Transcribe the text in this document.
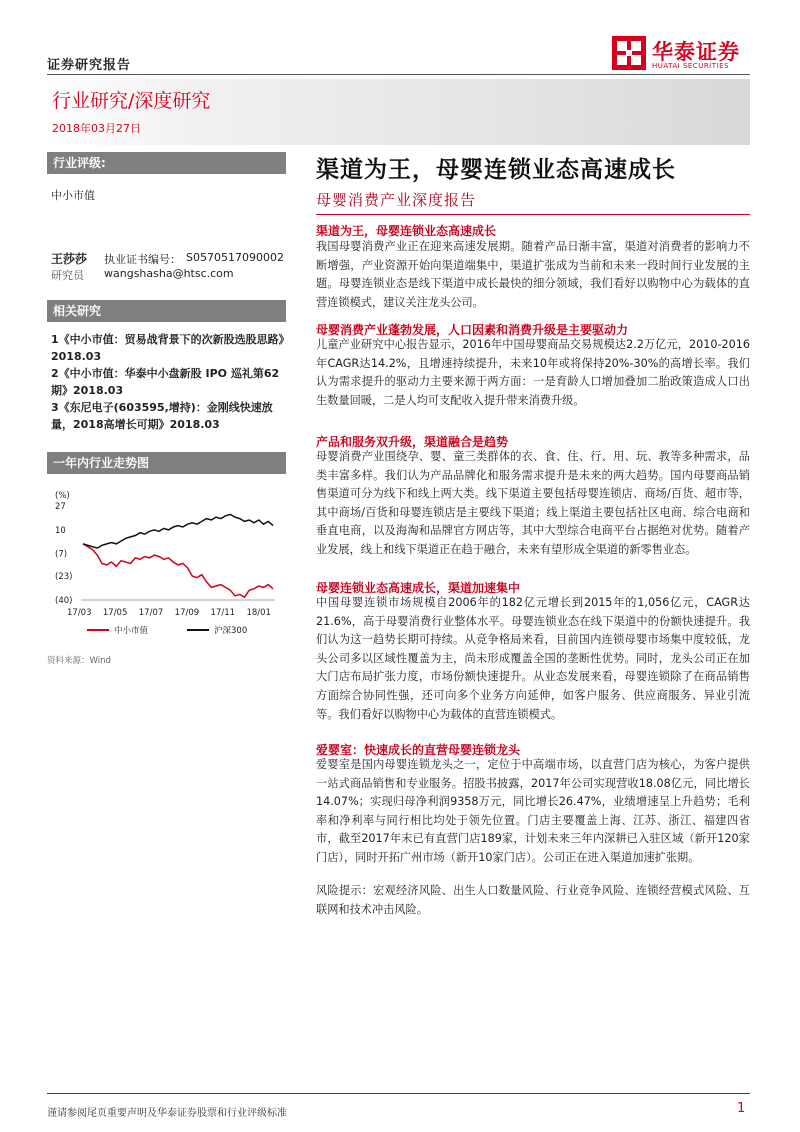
证券研究报告
华泰证券
HUATAI SECURITIES
行业研究/深度研究
2018年03月27日
行业评级:
中小市值
王莎莎 执业证书编号： S0570517090002
研究员 wangshasha@htsc.com
相关研究
1《中小市值：贸易战背景下的次新股选股思路》2018.03
2《中小市值：华泰中小盘新股 IPO 巡礼第62期》2018.03
3《东尼电子(603595,增持)：金刚线快速放量，2018高增长可期》2018.03
一年内行业走势图
(%)
27
10
(7)
(23)
(40)
17/03 17/05 17/07 17/09 17/11 18/01
中小市值	沪深300
资料来源：Wind
渠道为王，母婴连锁业态高速成长
母婴消费产业深度报告
渠道为王，母婴连锁业态高速成长
我国母婴消费产业正在迎来高速发展期。随着产品日渐丰富，渠道对消费者的影响力不断增强，产业资源开始向渠道端集中，渠道扩张成为当前和未来一段时间行业发展的主题。母婴连锁业态是线下渠道中成长最快的细分领域，我们看好以购物中心为载体的直营连锁模式，建议关注龙头公司。
母婴消费产业蓬勃发展，人口因素和消费升级是主要驱动力
儿童产业研究中心报告显示，2016年中国母婴商品交易规模达2.2万亿元，2010-2016年CAGR达14.2%，且增速持续提升，未来10年或将保持20%-30%的高增长率。我们认为需求提升的驱动力主要来源于两方面：一是育龄人口增加叠加二胎政策造成人口出生数量回暖，二是人均可支配收入提升带来消费升级。
产品和服务双升级，渠道融合是趋势
母婴消费产业围绕孕、婴、童三类群体的衣、食、住、行、用、玩、教等多种需求，品类丰富多样。我们认为产品品牌化和服务需求提升是未来的两大趋势。国内母婴商品销售渠道可分为线下和线上两大类。线下渠道主要包括母婴连锁店、商场/百货、超市等，其中商场/百货和母婴连锁店是主要线下渠道；线上渠道主要包括社区电商、综合电商和垂直电商，以及海淘和品牌官方网店等，其中大型综合电商平台占据绝对优势。随着产业发展，线上和线下渠道正在趋于融合，未来有望形成全渠道的新零售业态。
母婴连锁业态高速成长，渠道加速集中
中国母婴连锁市场规模自2006年的182亿元增长到2015年的1,056亿元，CAGR达21.6%，高于母婴消费行业整体水平。母婴连锁业态在线下渠道中的份额快速提升。我们认为这一趋势长期可持续。从竞争格局来看，目前国内连锁母婴市场集中度较低，龙头公司多以区域性覆盖为主，尚未形成覆盖全国的垄断性优势。同时，龙头公司正在加大门店布局扩张力度，市场份额快速提升。从业态发展来看，母婴连锁除了在商品销售方面综合协同性强，还可向多个业务方向延伸，如客户服务、供应商服务、异业引流等。我们看好以购物中心为载体的直营连锁模式。
爱婴室：快速成长的直营母婴连锁龙头
爱婴室是国内母婴连锁龙头之一，定位于中高端市场，以直营门店为核心，为客户提供一站式商品销售和专业服务。招股书披露，2017年公司实现营收18.08亿元，同比增长14.07%；实现归母净利润9358万元，同比增长26.47%，业绩增速呈上升趋势；毛利率和净利率与同行相比均处于领先位置。门店主要覆盖上海、江苏、浙江、福建四省市，截至2017年末已有直营门店189家，计划未来三年内深耕已入驻区域（新开120家门店），同时开拓广州市场（新开10家门店）。公司正在进入渠道加速扩张期。
风险提示：宏观经济风险、出生人口数量风险、行业竞争风险、连锁经营模式风险、互联网和技术冲击风险。
谨请参阅尾页重要声明及华泰证券股票和行业评级标准	1
